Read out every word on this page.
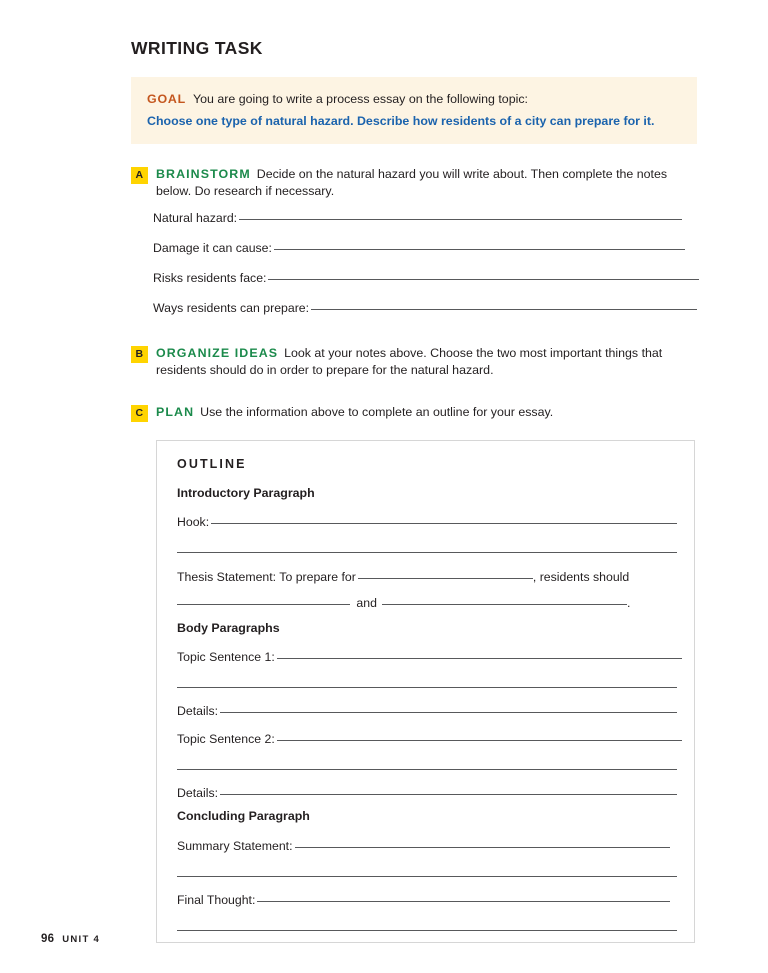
WRITING TASK
GOAL You are going to write a process essay on the following topic:
Choose one type of natural hazard. Describe how residents of a city can prepare for it.
A	BRAINSTORM Decide on the natural hazard you will write about. Then complete the notes below. Do research if necessary.
Natural hazard:
Damage it can cause:
Risks residents face:
Ways residents can prepare:
B	ORGANIZE IDEAS Look at your notes above. Choose the two most important things that residents should do in order to prepare for the natural hazard.
C	PLAN Use the information above to complete an outline for your essay.
OUTLINE
Introductory Paragraph
Hook:
Thesis Statement: To prepare for	, residents should
and	.
Body Paragraphs
Topic Sentence 1:
Details:
Topic Sentence 2:
Details:
Concluding Paragraph
Summary Statement:
Final Thought:
96 UNIT 4
